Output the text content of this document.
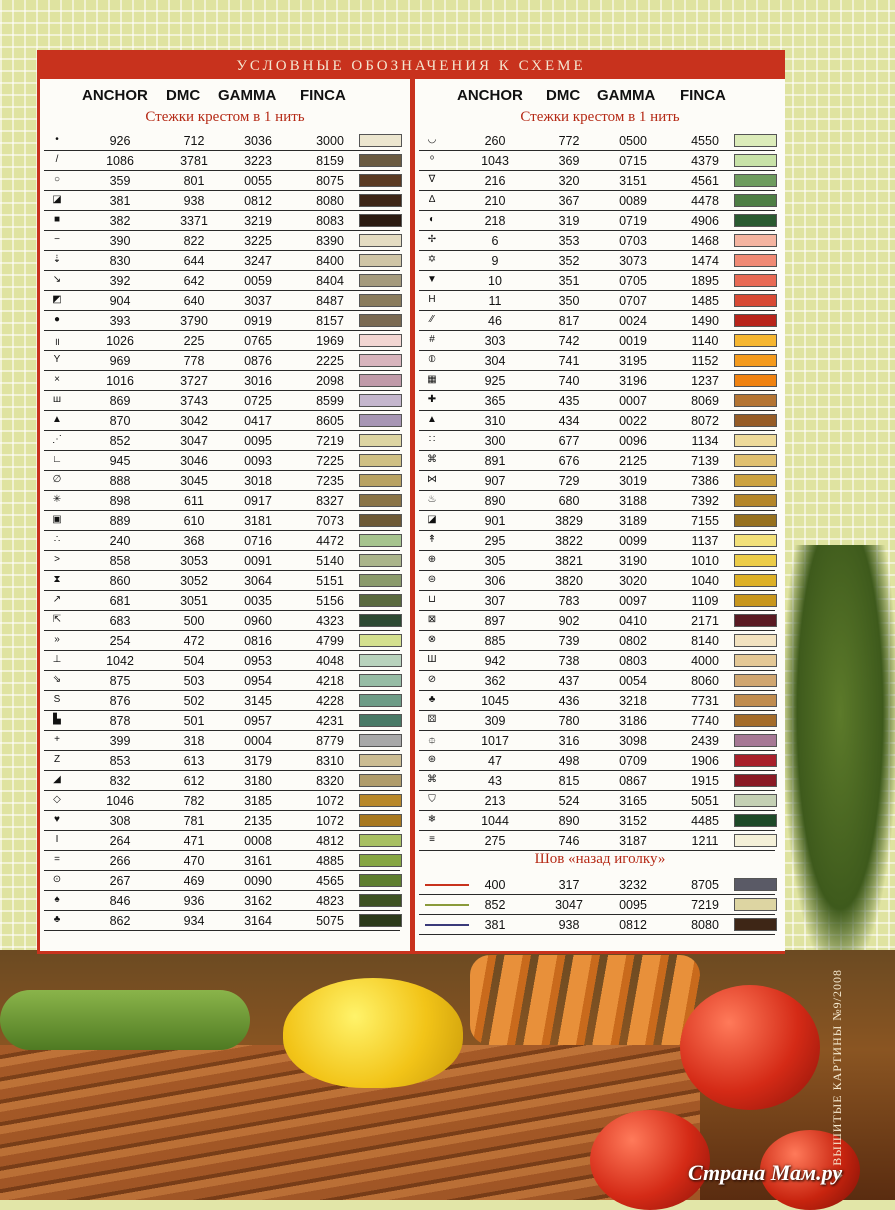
УСЛОВНЫЕ ОБОЗНАЧЕНИЯ К СХЕМЕ
ANCHOR DMC GAMMA FINCA
Стежки крестом в 1 нить
•	926	712	3036	3000
/	1086	3781	3223	8159
○	359	801	0055	8075
◪	381	938	0812	8080
■	382	3371	3219	8083
−	390	822	3225	8390
⇣	830	644	3247	8400
↘	392	642	0059	8404
◩	904	640	3037	8487
●	393	3790	0919	8157
॥	1026	225	0765	1969
Y	969	778	0876	2225
×	1016	3727	3016	2098
ш	869	3743	0725	8599
▲	870	3042	0417	8605
⋰	852	3047	0095	7219
∟	945	3046	0093	7225
∅	888	3045	3018	7235
✳	898	611	0917	8327
▣	889	610	3181	7073
∴	240	368	0716	4472
>	858	3053	0091	5140
⧗	860	3052	3064	5151
↗	681	3051	0035	5156
⇱	683	500	0960	4323
»	254	472	0816	4799
⊥	1042	504	0953	4048
⇘	875	503	0954	4218
S	876	502	3145	4228
▙	878	501	0957	4231
+	399	318	0004	8779
Z	853	613	3179	8310
◢	832	612	3180	8320
◇	1046	782	3185	1072
♥	308	781	2135	1072
I	264	471	0008	4812
=	266	470	3161	4885
⊙	267	469	0090	4565
♠	846	936	3162	4823
♣	862	934	3164	5075
ANCHOR DMC GAMMA FINCA
Стежки крестом в 1 нить
◡	260	772	0500	4550
ᵒ	1043	369	0715	4379
∇	216	320	3151	4561
∆	210	367	0089	4478
◐	218	319	0719	4906
✢	6	353	0703	1468
✡	9	352	3073	1474
▼	10	351	0705	1895
H	11	350	0707	1485
⁄⁄	46	817	0024	1490
#	303	742	0019	1140
⦶	304	741	3195	1152
▦	925	740	3196	1237
✚	365	435	0007	8069
▲	310	434	0022	8072
∷	300	677	0096	1134
⌘	891	676	2125	7139
⋈	907	729	3019	7386
♨	890	680	3188	7392
◪	901	3829	3189	7155
↟	295	3822	0099	1137
⊕	305	3821	3190	1010
⊜	306	3820	3020	1040
⊔	307	783	0097	1109
⊠	897	902	0410	2171
⊗	885	739	0802	8140
Ш	942	738	0803	4000
⊘	362	437	0054	8060
♣	1045	436	3218	7731
⚄	309	780	3186	7740
⯐	1017	316	3098	2439
⊛	47	498	0709	1906
⌘	43	815	0867	1915
⛉	213	524	3165	5051
❄	1044	890	3152	4485
≡	275	746	3187	1211
Шов «назад иголку»
400	317	3232	8705
852	3047	0095	7219
381	938	0812	8080
◆ ВЫШИТЫЕ КАРТИНЫ №9/2008
Страна Мам.ру
